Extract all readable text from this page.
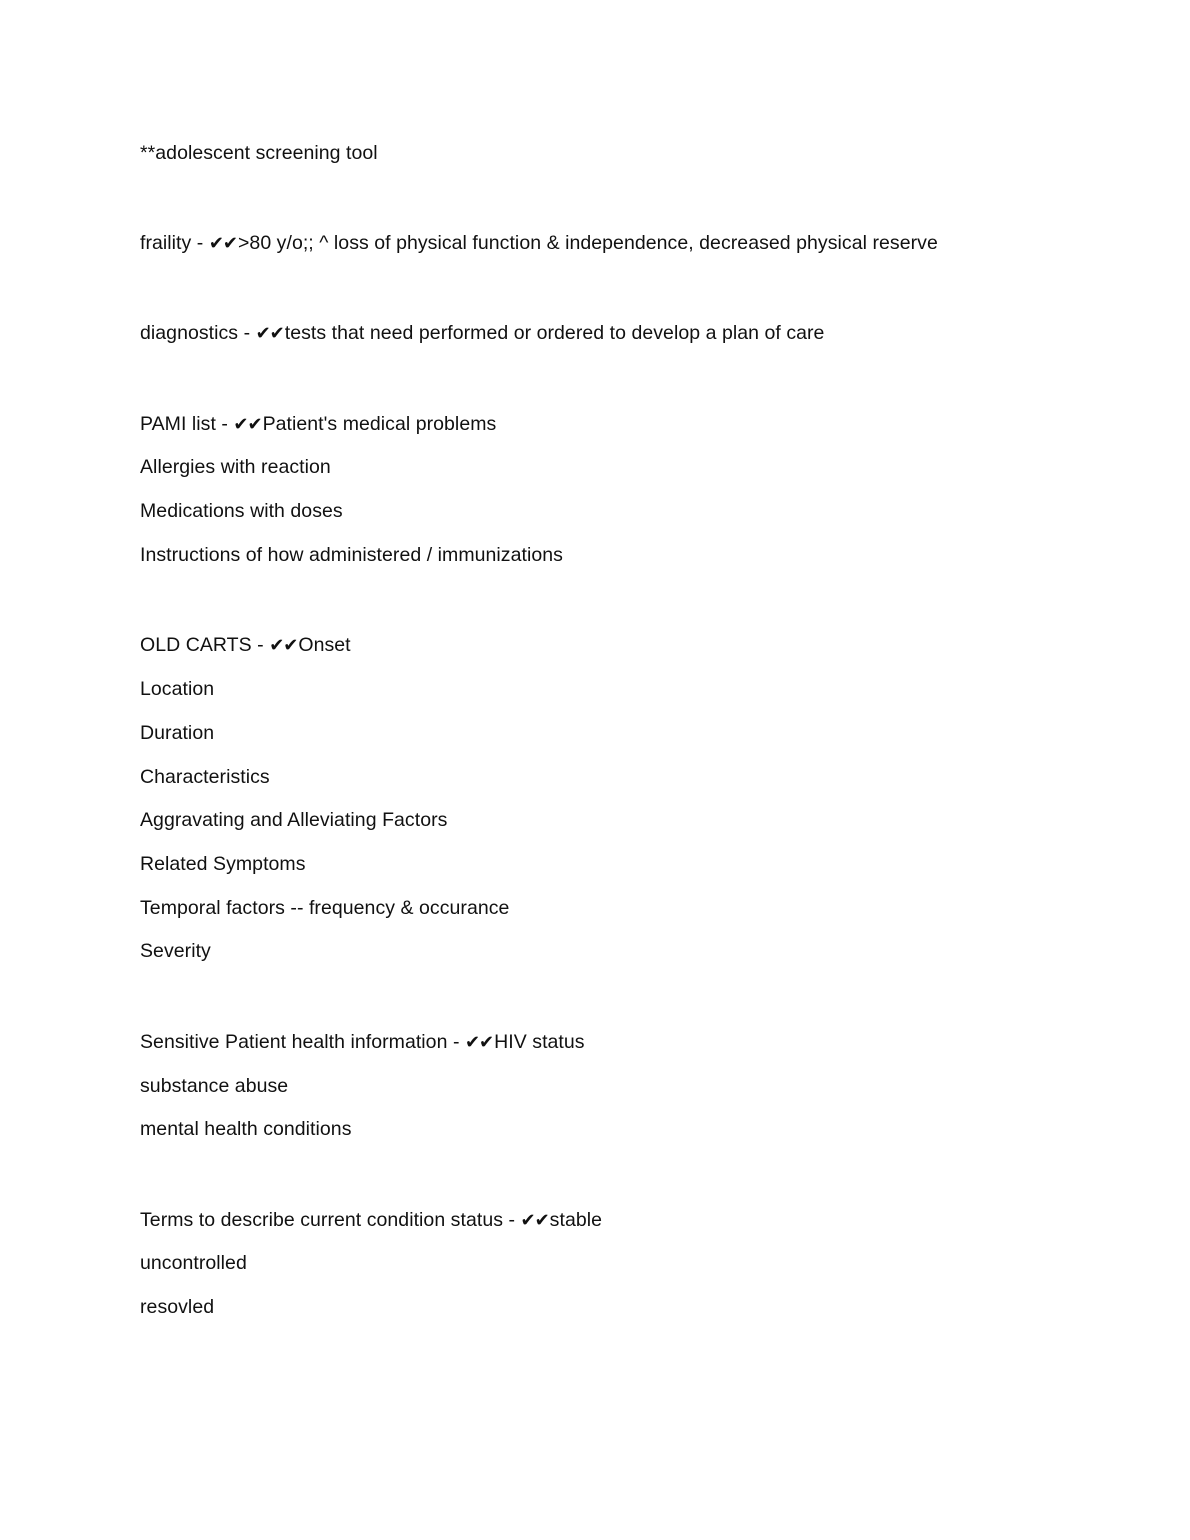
**adolescent screening tool
fraility - ✔✔>80 y/o;; ^ loss of physical function & independence, decreased physical reserve
diagnostics - ✔✔tests that need performed or ordered to develop a plan of care
PAMI list - ✔✔Patient's medical problems
Allergies with reaction
Medications with doses
Instructions of how administered / immunizations
OLD CARTS - ✔✔Onset
Location
Duration
Characteristics
Aggravating and Alleviating Factors
Related Symptoms
Temporal factors -- frequency & occurance
Severity
Sensitive Patient health information - ✔✔HIV status
substance abuse
mental health conditions
Terms to describe current condition status - ✔✔stable
uncontrolled
resovled
